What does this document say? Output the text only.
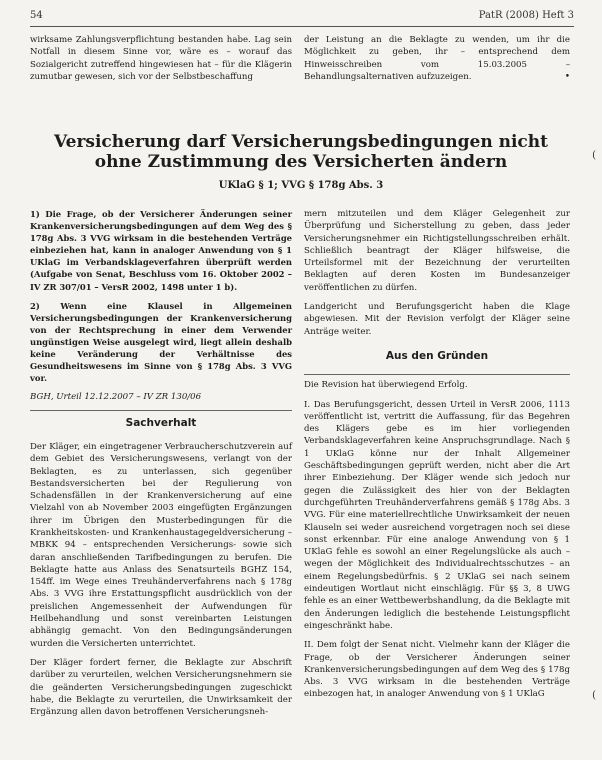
54	PatR (2008) Heft 3

wirksame Zahlungsverpflichtung bestanden habe. Lag sein Notfall in diesem Sinne vor, wäre es – worauf das Sozialgericht zutreffend hingewiesen hat – für die Klägerin zumutbar gewesen, sich vor der Selbstbeschaffung

der Leistung an die Beklagte zu wenden, um ihr die Möglichkeit zu geben, ihr – entsprechend dem Hinweisschreiben vom 15.03.2005 – Behandlungsalternativen aufzuzeigen.	•

Versicherung darf Versicherungsbedingungen nicht ohne Zustimmung des Versicherten ändern
UKlaG § 1; VVG § 178g Abs. 3

1) Die Frage, ob der Versicherer Änderungen seiner Krankenversicherungsbedingungen auf dem Weg des § 178g Abs. 3 VVG wirksam in die bestehenden Verträge einbeziehen hat, kann in analoger Anwendung von § 1 UKlaG im Verbandsklageverfahren überprüft werden (Aufgabe von Senat, Beschluss vom 16. Oktober 2002 – IV ZR 307/01 – VersR 2002, 1498 unter 1 b).

2) Wenn eine Klausel in Allgemeinen Versicherungsbedingungen der Krankenversicherung von der Rechtsprechung in einer dem Verwender ungünstigen Weise ausgelegt wird, liegt allein deshalb keine Veränderung der Verhältnisse des Gesundheitswesens im Sinne von § 178g Abs. 3 VVG vor.

BGH, Urteil 12.12.2007 – IV ZR 130/06

Sachverhalt

Der Kläger, ein eingetragener Verbraucherschutzverein auf dem Gebiet des Versicherungswesens, verlangt von der Beklagten, es zu unterlassen, sich gegenüber Bestandsversicherten bei der Regulierung von Schadensfällen in der Krankenversicherung auf eine Vielzahl von ab November 2003 eingefügten Ergänzungen ihrer im Übrigen den Musterbedingungen für die Krankheitskosten- und Krankenhaustagegeldversicherung – MBKK 94 – entsprechenden Versicherungs- sowie sich daran anschließenden Tarifbedingungen zu berufen. Die Beklagte hatte aus Anlass des Senatsurteils BGHZ 154, 154ff. im Wege eines Treuhänderverfahrens nach § 178g Abs. 3 VVG ihre Erstattungspflicht ausdrücklich von der preislichen Angemessenheit der Aufwendungen für Heilbehandlung und sonst vereinbarten Leistungen abhängig gemacht. Von den Bedingungsänderungen wurden die Versicherten unterrichtet.

Der Kläger fordert ferner, die Beklagte zur Abschrift darüber zu verurteilen, welchen Versicherungsnehmern sie die geänderten Versicherungsbedingungen zugeschickt habe, die Beklagte zu verurteilen, die Unwirksamkeit der Ergänzung allen davon betroffenen Versicherungsneh-

mern mitzuteilen und dem Kläger Gelegenheit zur Überprüfung und Sicherstellung zu geben, dass jeder Versicherungsnehmer ein Richtigstellungsschreiben erhält. Schließlich beantragt der Kläger hilfsweise, die Urteilsformel mit der Bezeichnung der verurteilten Beklagten auf deren Kosten im Bundesanzeiger veröffentlichen zu dürfen.

Landgericht und Berufungsgericht haben die Klage abgewiesen. Mit der Revision verfolgt der Kläger seine Anträge weiter.

Aus den Gründen

Die Revision hat überwiegend Erfolg.

I. Das Berufungsgericht, dessen Urteil in VersR 2006, 1113 veröffentlicht ist, vertritt die Auffassung, für das Begehren des Klägers gebe es im hier vorliegenden Verbandsklageverfahren keine Anspruchsgrundlage. Nach § 1 UKlaG könne nur der Inhalt Allgemeiner Geschäftsbedingungen geprüft werden, nicht aber die Art ihrer Einbeziehung. Der Kläger wende sich jedoch nur gegen die Zulässigkeit des hier von der Beklagten durchgeführten Treuhänderverfahrens gemäß § 178g Abs. 3 VVG. Für eine materiellrechtliche Unwirksamkeit der neuen Klauseln sei weder ausreichend vorgetragen noch sei diese sonst erkennbar. Für eine analoge Anwendung von § 1 UKlaG fehle es sowohl an einer Regelungslücke als auch – wegen der Möglichkeit des Individualrechtsschutzes – an einem Regelungsbedürfnis. § 2 UKlaG sei nach seinem eindeutigen Wortlaut nicht einschlägig. Für §§ 3, 8 UWG fehle es an einer Wettbewerbshandlung, da die Beklagte mit den Änderungen lediglich die bestehende Leistungspflicht eingeschränkt habe.

II. Dem folgt der Senat nicht. Vielmehr kann der Kläger die Frage, ob der Versicherer Änderungen seiner Krankenversicherungsbedingungen auf dem Weg des § 178g Abs. 3 VVG wirksam in die bestehenden Verträge einbezogen hat, in analoger Anwendung von § 1 UKlaG

(
(
